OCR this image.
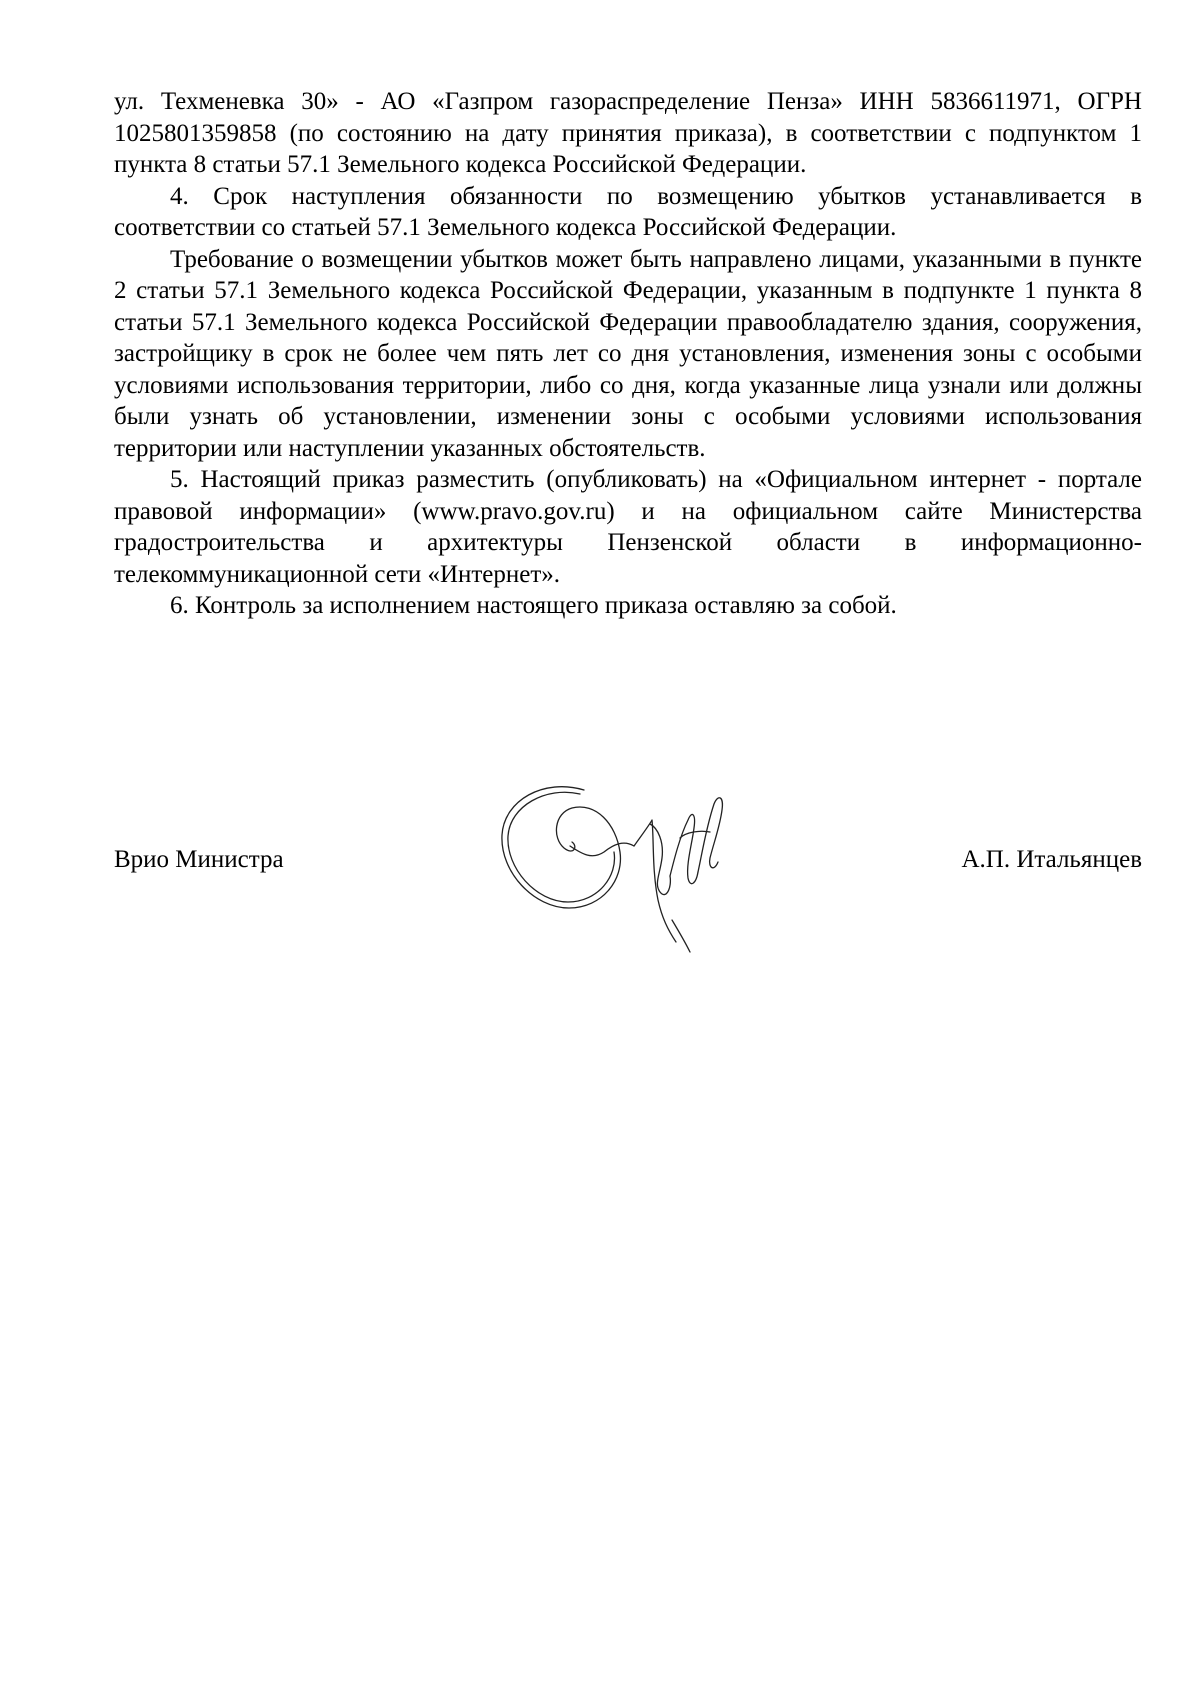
ул. Техменевка 30» - АО «Газпром газораспределение Пенза» ИНН 5836611971, ОГРН 1025801359858 (по состоянию на дату принятия приказа), в соответствии с подпунктом 1 пункта 8 статьи 57.1 Земельного кодекса Российской Федерации.

4. Срок наступления обязанности по возмещению убытков устанавливается в соответствии со статьей 57.1 Земельного кодекса Российской Федерации.

Требование о возмещении убытков может быть направлено лицами, указанными в пункте 2 статьи 57.1 Земельного кодекса Российской Федерации, указанным в подпункте 1 пункта 8 статьи 57.1 Земельного кодекса Российской Федерации правообладателю здания, сооружения, застройщику в срок не более чем пять лет со дня установления, изменения зоны с особыми условиями использования территории, либо со дня, когда указанные лица узнали или должны были узнать об установлении, изменении зоны с особыми условиями использования территории или наступлении указанных обстоятельств.

5. Настоящий приказ разместить (опубликовать) на «Официальном интернет - портале правовой информации» (www.pravo.gov.ru) и на официальном сайте Министерства градостроительства и архитектуры Пензенской области в информационно-телекоммуникационной сети «Интернет».

6. Контроль за исполнением настоящего приказа оставляю за собой.

Врио Министра	А.П. Итальянцев
